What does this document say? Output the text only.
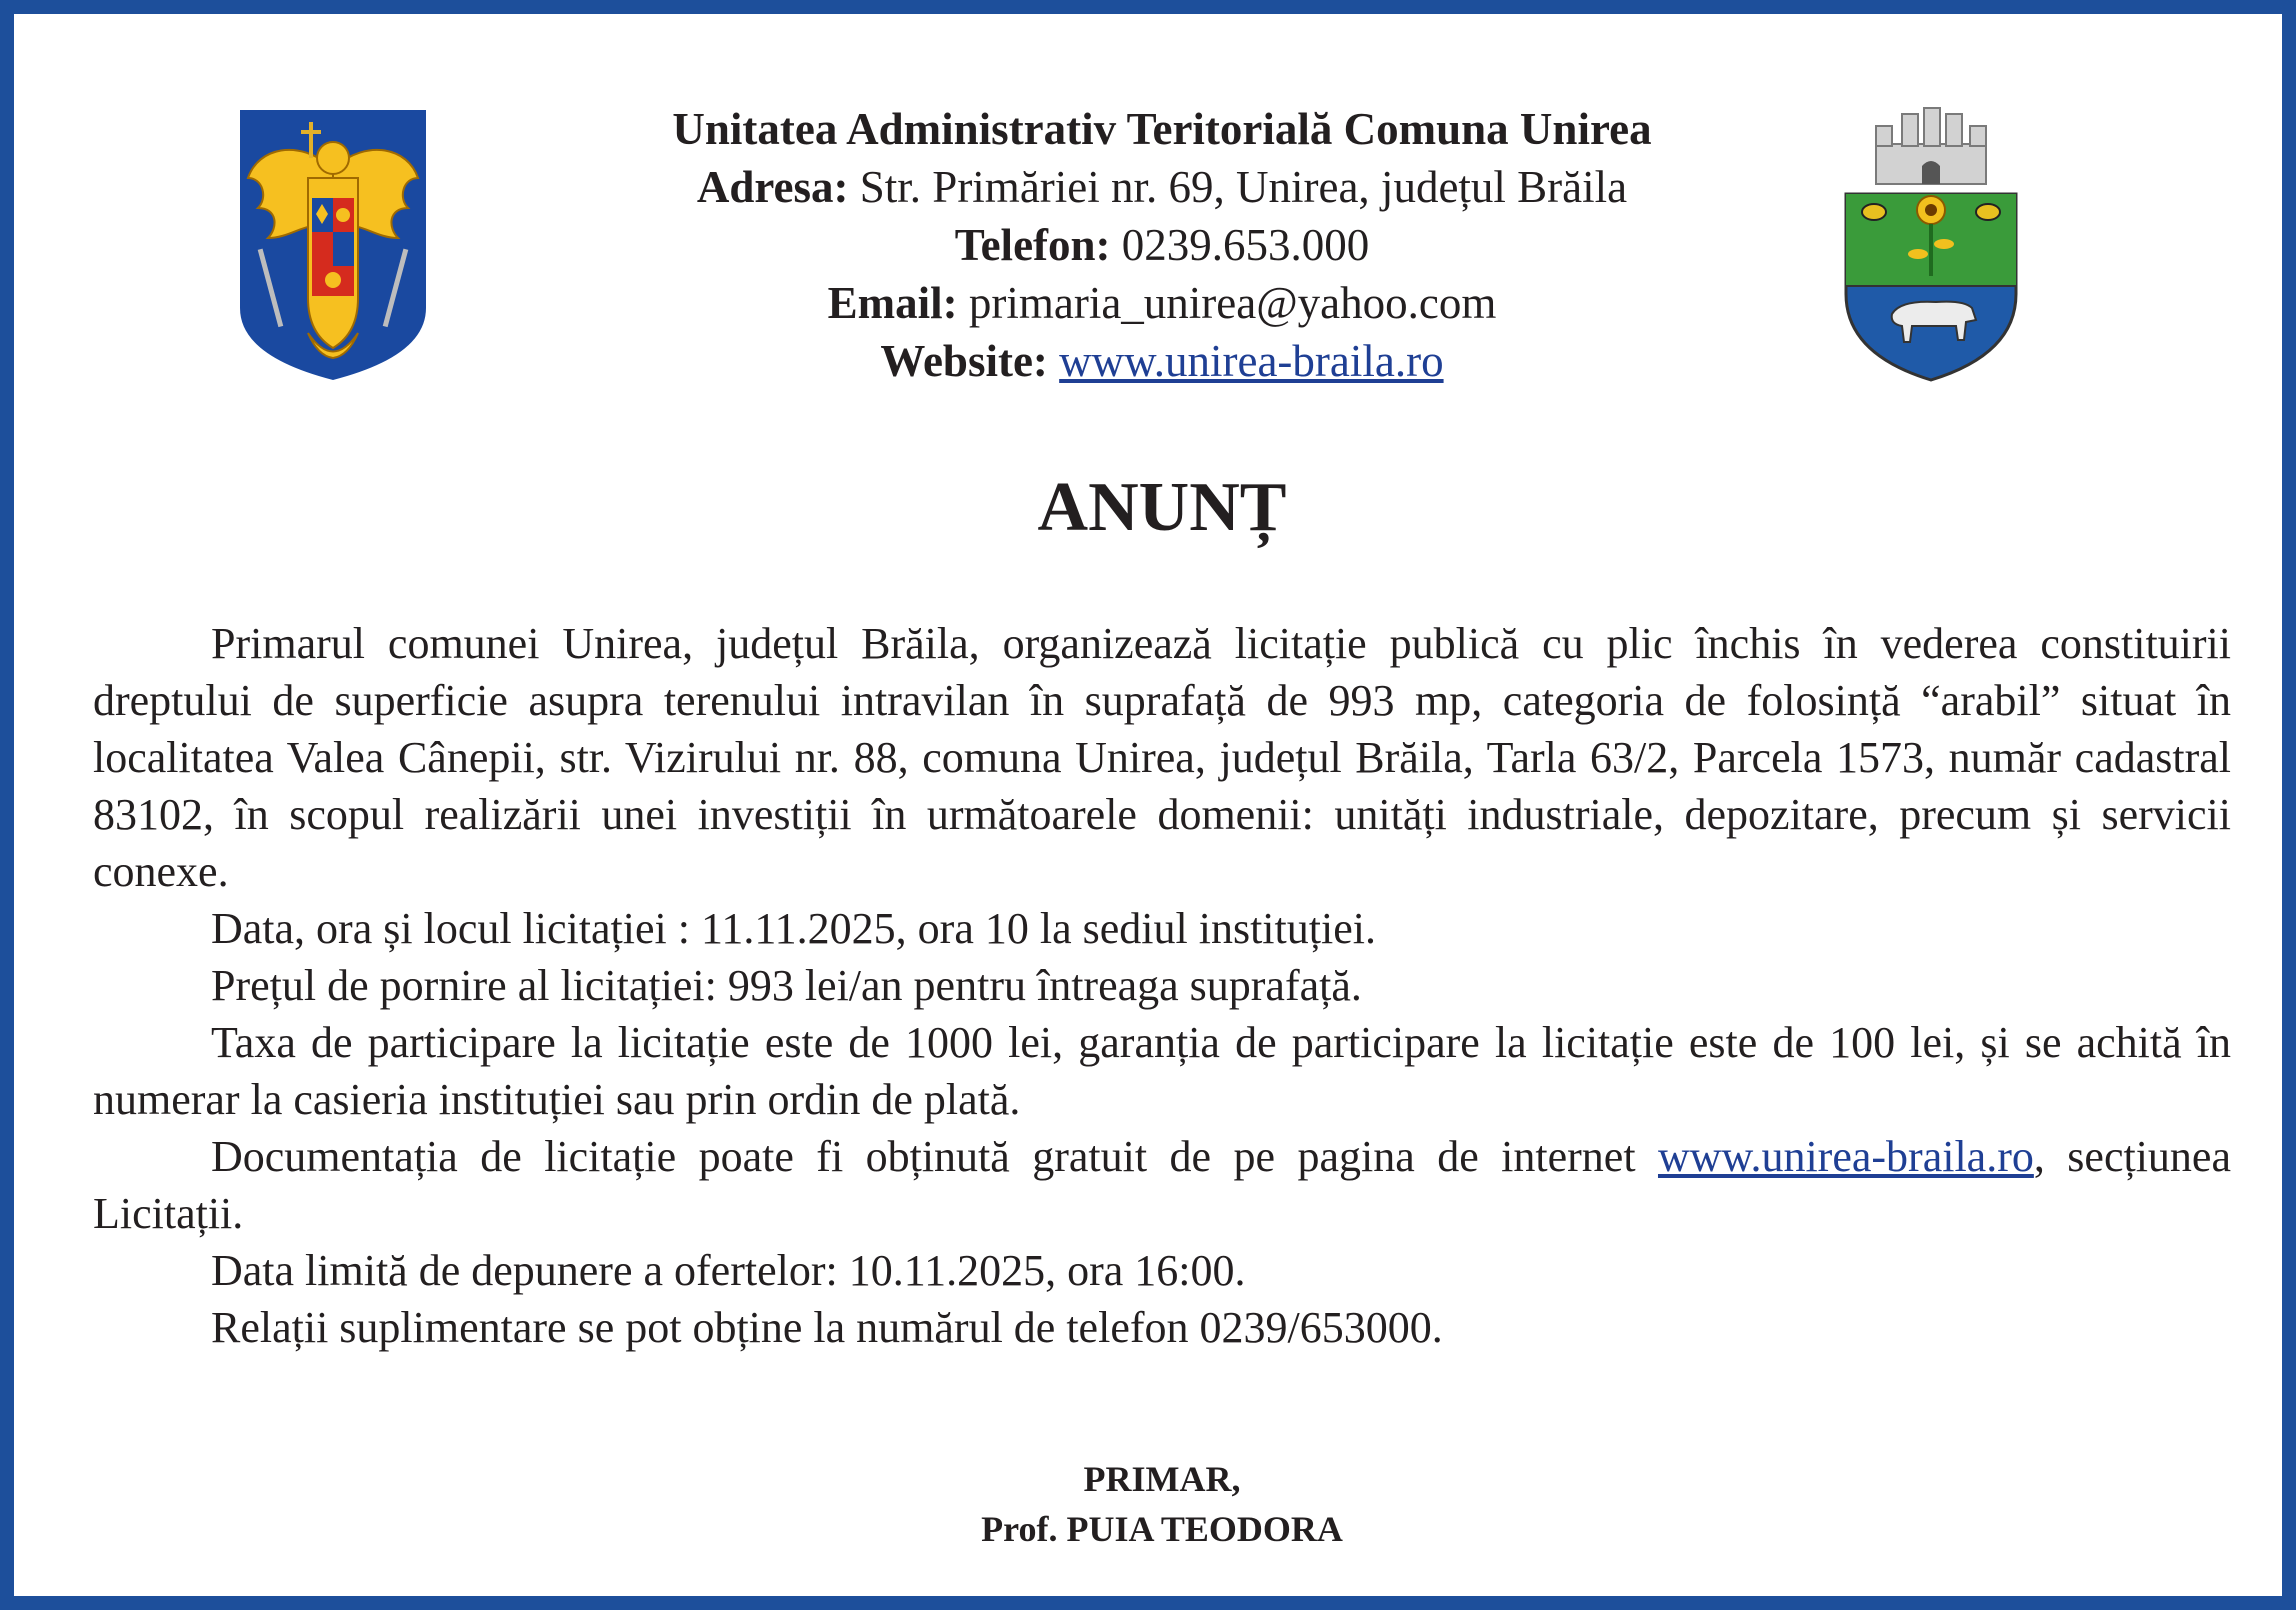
Unitatea Administrativ Teritorială Comuna Unirea
Adresa: Str. Primăriei nr. 69, Unirea, județul Brăila
Telefon: 0239.653.000
Email: primaria_unirea@yahoo.com
Website: www.unirea-braila.ro
ANUNȚ

Primarul comunei Unirea, județul Brăila, organizează licitație publică cu plic închis în vederea constituirii dreptului de superficie asupra terenului intravilan în suprafață de 993 mp, categoria de folosință “arabil” situat în localitatea Valea Cânepii, str. Vizirului nr. 88, comuna Unirea, județul Brăila, Tarla 63/2, Parcela 1573, număr cadastral 83102, în scopul realizării unei investiții în următoarele domenii: unități industriale, depozitare, precum și servicii conexe.

Data, ora și locul licitației : 11.11.2025, ora 10 la sediul instituției.

Prețul de pornire al licitației: 993 lei/an pentru întreaga suprafață.

Taxa de participare la licitație este de 1000 lei, garanția de participare la licitație este de 100 lei, și se achită în numerar la casieria instituției sau prin ordin de plată.

Documentația de licitație poate fi obținută gratuit de pe pagina de internet www.unirea-braila.ro, secțiunea Licitații.

Data limită de depunere a ofertelor: 10.11.2025, ora 16:00.

Relații suplimentare se pot obține la numărul de telefon 0239/653000.

PRIMAR,
Prof. PUIA TEODORA
